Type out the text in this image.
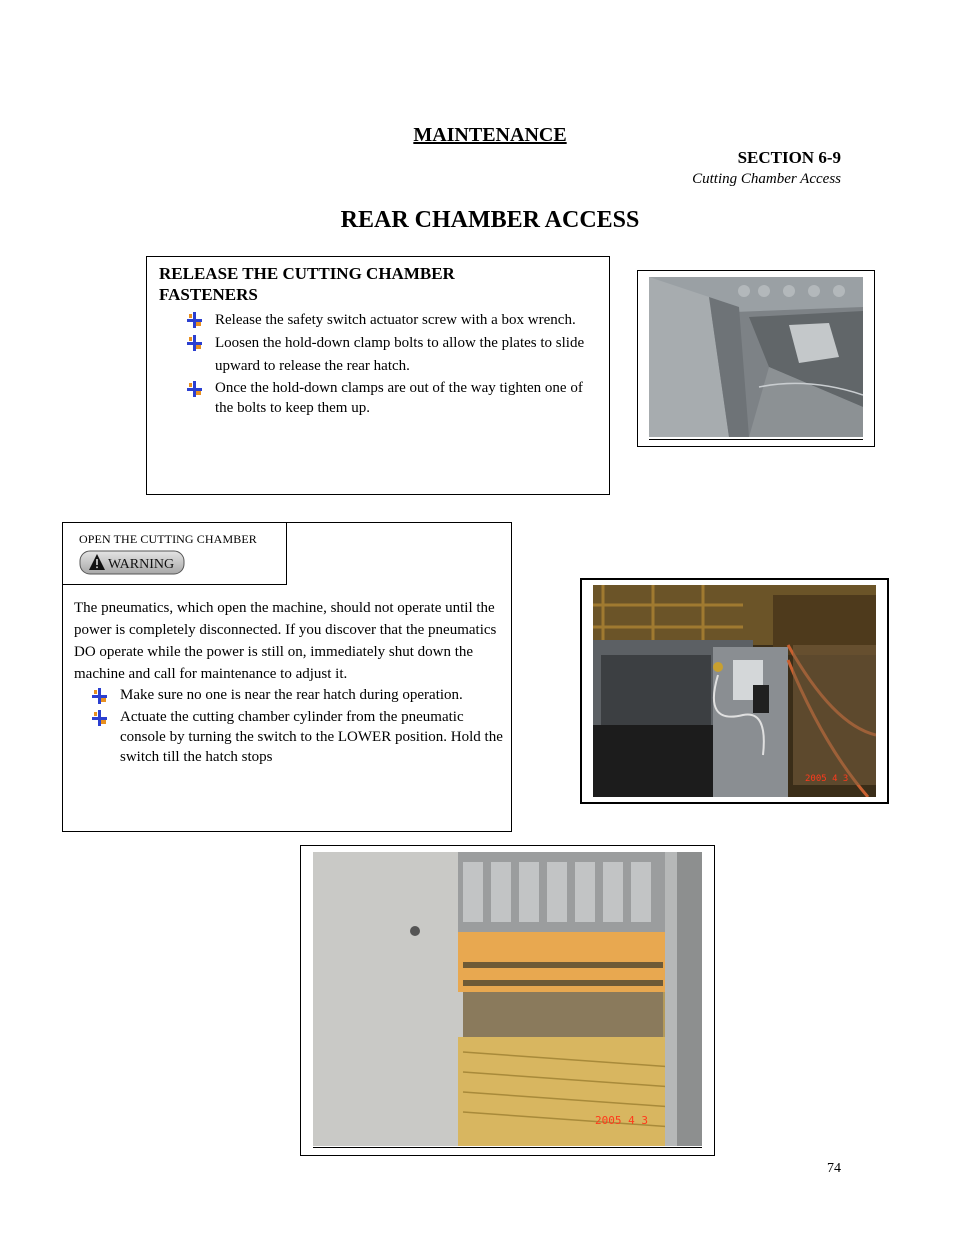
MAINTENANCE
SECTION 6-9
Cutting Chamber Access
REAR CHAMBER ACCESS
RELEASE THE CUTTING CHAMBER
FASTENERS
Release the safety switch actuator screw with a box wrench.
Loosen the hold-down clamp bolts to allow the plates to slide upward to release the rear hatch.
Once the hold-down clamps are out of the way tighten one of the bolts to keep them up.
OPEN THE CUTTING CHAMBER
WARNING

The pneumatics, which open the machine, should not operate until the power is completely disconnected. If you discover that the pneumatics DO operate while the power is still on, immediately shut down the machine and call for maintenance to adjust it.

Make sure no one is near the rear hatch during operation.
Actuate the cutting chamber cylinder from the pneumatic console by turning the switch to the LOWER position. Hold the switch till the hatch stops
2005 4 3
2005 4 3
74
